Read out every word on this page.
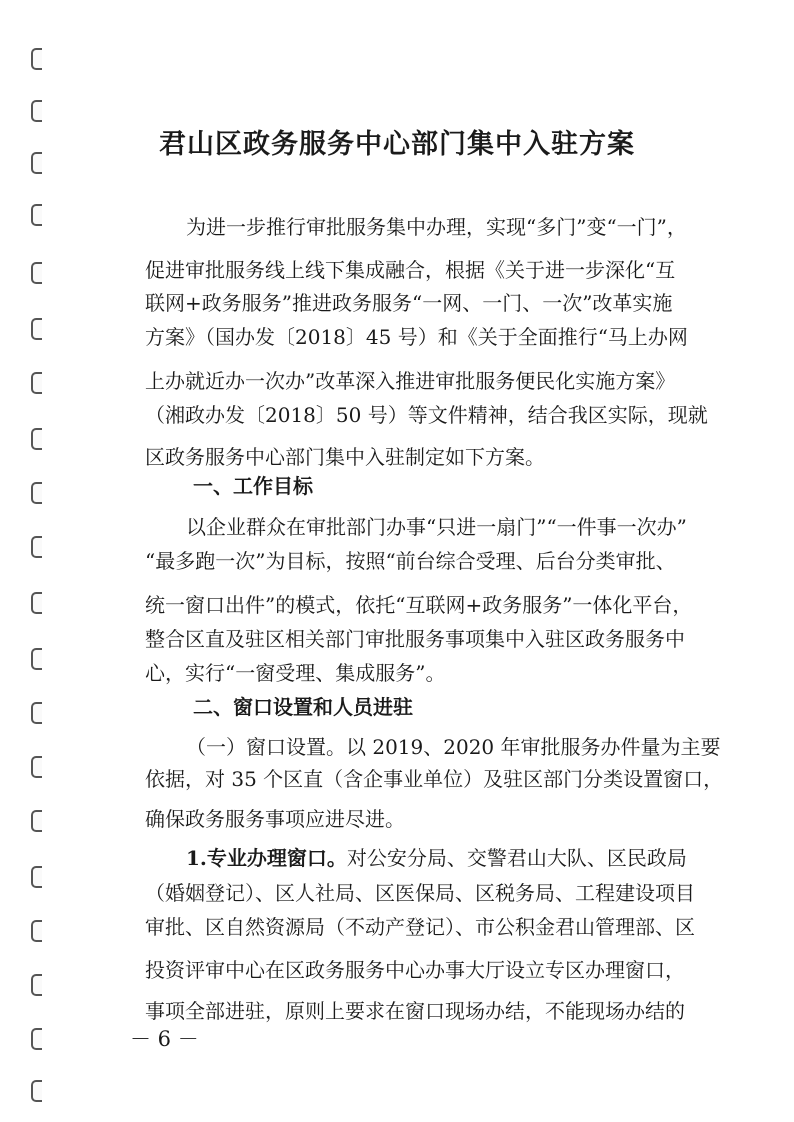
君山区政务服务中心部门集中入驻方案

为进一步推行审批服务集中办理，实现“多门”变“一门”，

促进审批服务线上线下集成融合，根据《关于进一步深化“互

联网+政务服务”推进政务服务“一网、一门、一次”改革实施

方案》（国办发〔2018〕45 号）和《关于全面推行“马上办网

上办就近办一次办”改革深入推进审批服务便民化实施方案》

（湘政办发〔2018〕50 号）等文件精神，结合我区实际，现就

区政务服务中心部门集中入驻制定如下方案。

一、工作目标

以企业群众在审批部门办事“只进一扇门”“一件事一次办”

“最多跑一次”为目标，按照“前台综合受理、后台分类审批、

统一窗口出件”的模式，依托“互联网+政务服务”一体化平台，

整合区直及驻区相关部门审批服务事项集中入驻区政务服务中

心，实行“一窗受理、集成服务”。

二、窗口设置和人员进驻

（一）窗口设置。以 2019、2020 年审批服务办件量为主要

依据，对 35 个区直（含企事业单位）及驻区部门分类设置窗口，

确保政务服务事项应进尽进。

1.专业办理窗口。对公安分局、交警君山大队、区民政局

（婚姻登记）、区人社局、区医保局、区税务局、工程建设项目

审批、区自然资源局（不动产登记）、市公积金君山管理部、区

投资评审中心在区政务服务中心办事大厅设立专区办理窗口，

事项全部进驻，原则上要求在窗口现场办结，不能现场办结的

－ 6 －
